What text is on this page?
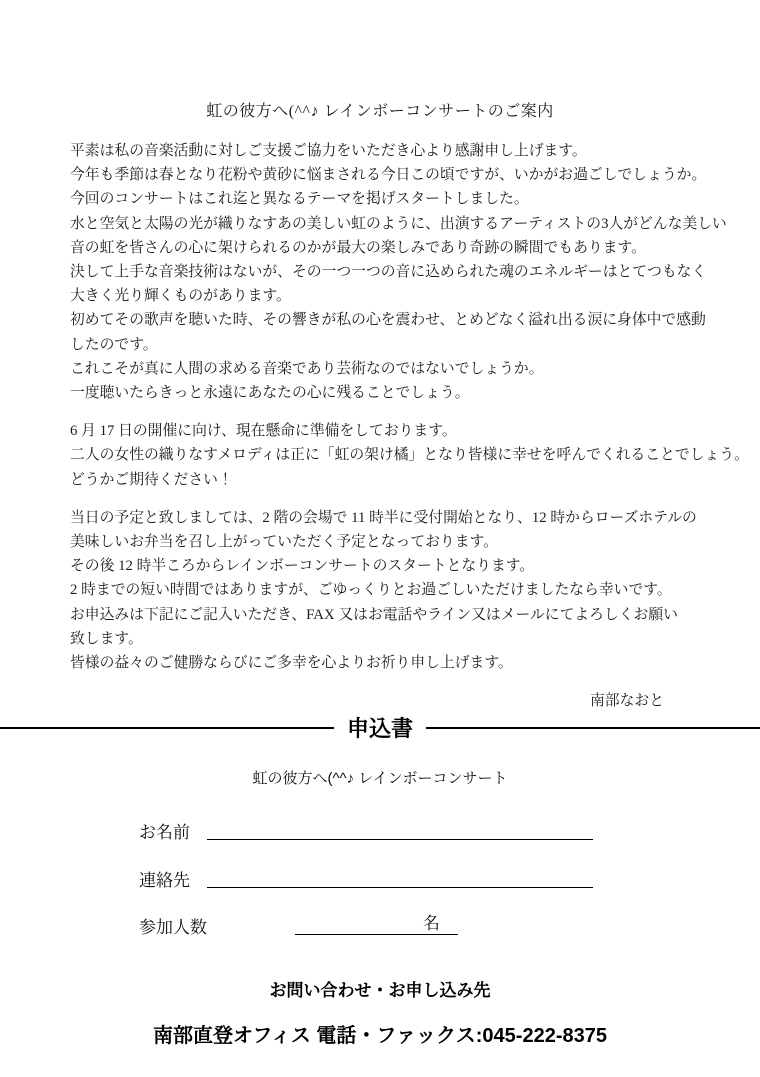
虹の彼方へ(^^♪ レインボーコンサートのご案内
平素は私の音楽活動に対しご支援ご協力をいただき心より感謝申し上げます。
今年も季節は春となり花粉や黄砂に悩まされる今日この頃ですが、いかがお過ごしでしょうか。
今回のコンサートはこれ迄と異なるテーマを掲げスタートしました。
水と空気と太陽の光が織りなすあの美しい虹のように、出演するアーティストの3人がどんな美しい
音の虹を皆さんの心に架けられるのかが最大の楽しみであり奇跡の瞬間でもあります。
決して上手な音楽技術はないが、その一つ一つの音に込められた魂のエネルギーはとてつもなく
大きく光り輝くものがあります。
初めてその歌声を聴いた時、その響きが私の心を震わせ、とめどなく溢れ出る涙に身体中で感動
したのです。
これこそが真に人間の求める音楽であり芸術なのではないでしょうか。
一度聴いたらきっと永遠にあなたの心に残ることでしょう。
6 月 17 日の開催に向け、現在懸命に準備をしております。
二人の女性の織りなすメロディは正に「虹の架け橘」となり皆様に幸せを呼んでくれることでしょう。
どうかご期待ください！
当日の予定と致しましては、2 階の会場で 11 時半に受付開始となり、12 時からローズホテルの
美味しいお弁当を召し上がっていただく予定となっております。
その後 12 時半ころからレインボーコンサートのスタートとなります。
2 時までの短い時間ではありますが、ごゆっくりとお過ごしいただけましたなら幸いです。
お申込みは下記にご記入いただき、FAX 又はお電話やライン又はメールにてよろしくお願い
致します。
皆様の益々のご健勝ならびにご多幸を心よりお祈り申し上げます。
南部なおと
申込書
虹の彼方へ(^^♪ レインボーコンサート
お名前
連絡先
参加人数	名
お問い合わせ・お申し込み先
南部直登オフィス 電話・ファックス:045-222-8375
